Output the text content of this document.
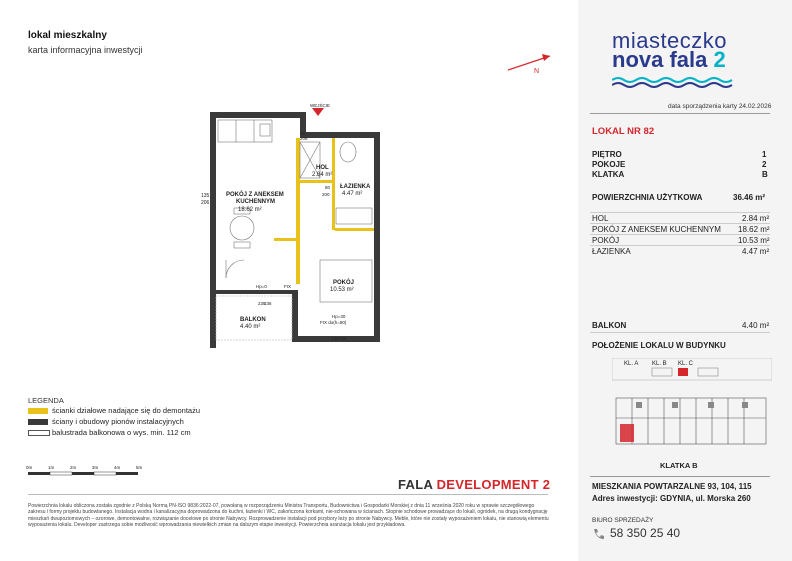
lokal mieszkalny
karta informacyjna inwestycji
N
miasteczko
nova fala 2
data sporządzenia karty 24.02.2026
LOKAL NR 82
PIĘTRO	1
POKOJE	2
KLATKA	B
POWIERZCHNIA UŻYTKOWA	36.46 m²
HOL	2.84 m²
POKÓJ Z ANEKSEM KUCHENNYM 18.62 m²
POKÓJ	10.53 m²
ŁAZIENKA	4.47 m²
BALKON	4.40 m²
POŁOŻENIE LOKALU W BUDYNKU
KL. A KL. B KL. C
KLATKA B
MIESZKANIA POWTARZALNE 93, 104, 115
Adres inwestycji: GDYNIA, ul. Morska 260
BIURO SPRZEDAŻY
58 350 25 40
FALA DEVELOPMENT 2
Powierzchnia lokalu obliczona została zgodnie z Polską Normą PN-ISO 9836:2022-07, powołaną w rozporządzeniu Ministra Transportu, Budownictwa i Gospodarki Morskiej z dnia 11 września 2020 roku w sprawie szczegółowego zakresu i formy projektu budowlanego. Instalacja wodna i kanalizacyjna doprowadzona do kuchni, łazienki i WC, zakończona korkami, nie-schowana w ścianach. Stopnie schodowe prowadzące do lokali, ogródek, na drugą kondygnację mieszkań dwupoziomowych – ozorowe, demontowalne, rozwiązanie docelowe po stronie Nabywcy. Rozprowadzenie instalacji pod przybory leży po stronie Nabywcy. Meble, które nie zostały wyposażeniem lokalu, nie stanowią elementu wyposażenia lokalu. Developer zastrzega sobie możliwość wprowadzania niewielkich zmian na dalszym etapie inwestycji. Powierzchnia aranżacja lokalu jest przykładowa.
LEGENDA
ścianki działowe nadające się do demontażu
ściany i obudowy pionów instalacyjnych
balustrada balkonowa o wys. min. 112 cm
0m	1m	2m	3m	4m	5m
WEJŚCIE
HOL
2.84 m²
POKÓJ Z ANEKSEM
KUCHENNYM
18.62 m²
ŁAZIENKA
4.47 m²
POKÓJ
10.53 m²
BALKON
4.40 m²
90
208
135
206
80
200
235
236
Hp=0	FIX
Hp=30
FIX do(h=90)
135 206
